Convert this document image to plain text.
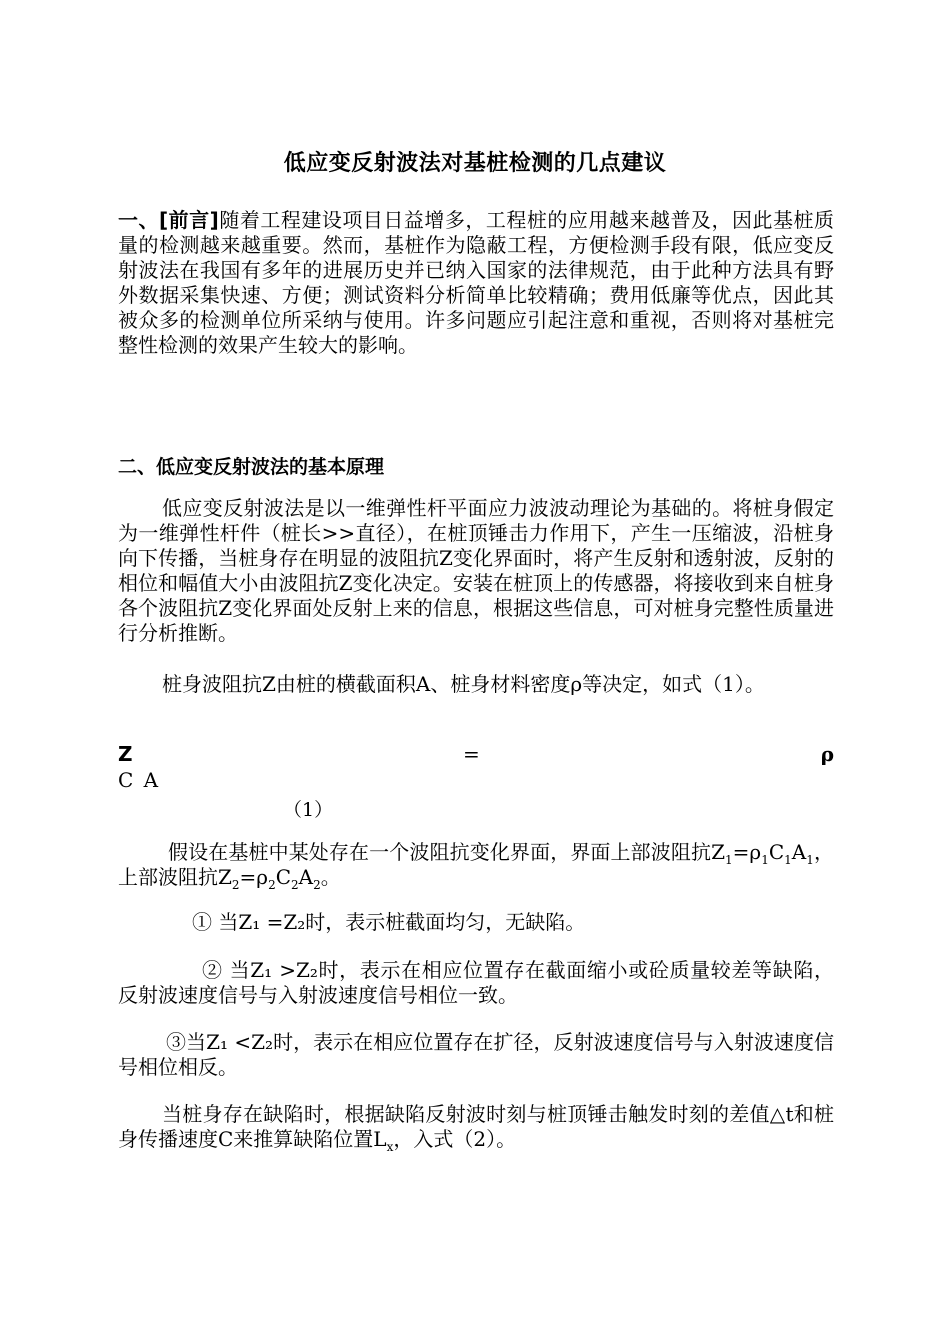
低应变反射波法对基桩检测的几点建议
一、[前言]随着工程建设项目日益增多，工程桩的应用越来越普及，因此基桩质量的检测越来越重要。然而，基桩作为隐蔽工程，方便检测手段有限，低应变反射波法在我国有多年的进展历史并已纳入国家的法律规范，由于此种方法具有野外数据采集快速、方便；测试资料分析简单比较精确；费用低廉等优点，因此其被众多的检测单位所采纳与使用。许多问题应引起注意和重视，否则将对基桩完整性检测的效果产生较大的影响。
二、低应变反射波法的基本原理
低应变反射波法是以一维弹性杆平面应力波波动理论为基础的。将桩身假定为一维弹性杆件（桩长>>直径），在桩顶锤击力作用下，产生一压缩波，沿桩身向下传播，当桩身存在明显的波阻抗Z变化界面时，将产生反射和透射波，反射的相位和幅值大小由波阻抗Z变化决定。安装在桩顶上的传感器，将接收到来自桩身各个波阻抗Z变化界面处反射上来的信息，根据这些信息，可对桩身完整性质量进行分析推断。
桩身波阻抗Z由桩的横截面积A、桩身材料密度ρ等决定，如式（1）。
Z	=	ρ
C A
（1）
假设在基桩中某处存在一个波阻抗变化界面，界面上部波阻抗$Z_1=\rho_1C_1A_1$，上部波阻抗$Z_2=\rho_2C_2A_2$。
① 当Z₁ =Z₂时，表示桩截面均匀，无缺陷。
② 当Z₁ >Z₂时，表示在相应位置存在截面缩小或砼质量较差等缺陷，反射波速度信号与入射波速度信号相位一致。
③当Z₁ <Z₂时，表示在相应位置存在扩径，反射波速度信号与入射波速度信号相位相反。
当桩身存在缺陷时，根据缺陷反射波时刻与桩顶锤击触发时刻的差值△t和桩身传播速度C来推算缺陷位置$L_x$，入式（2）。
